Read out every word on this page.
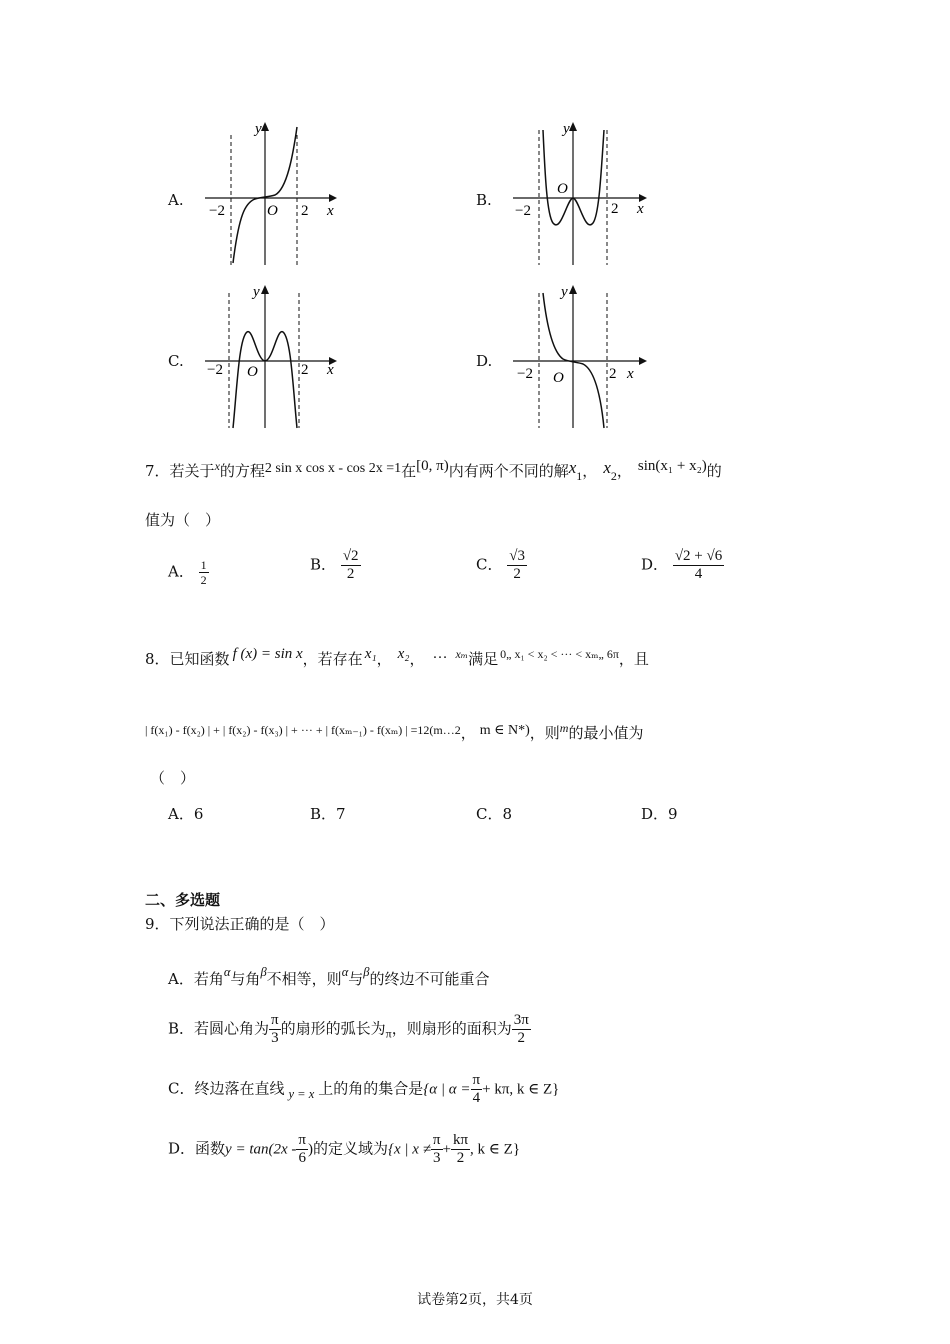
A.	B.
C.	D.
y
x
O
−2	2
y
x
O
−2	2
y
x
O
−2	2
y
x
O
−2	2
7．若关于$^x$的方程2 sin x cos x - cos 2x =1在[0, π)内有两个不同的解$x_1$， $x_2$， sin(x₁ + x₂)的
值为（　）
A． $\frac{1}{2}$	B． $\frac{√2}{2}$	C． $\frac{√3}{2}$	D． $\frac{√2 + √6}{4}$
8．已知函数 f (x) = sin x，若存在 x₁， x₂， … $^{x_m}$满足 $^{0„ x_1 < x_2 < \cdot\cdot\cdot < x_m„ 6\pi}$，且
$^{| f(x_1) - f(x_2) | + | f(x_2) - f(x_3) | + \cdot\cdot\cdot + | f(x_{m-1}) - f(x_m) | =12(m\dots 2}$， m ∈ N*)，则$^m$的最小值为
（　）
A．6	B．7	C．8	D．9
二、多选题
9．下列说法正确的是（　）
A．若角$^\alpha$与角$^\beta$不相等，则$^\alpha$与$^\beta$的终边不可能重合
B．若圆心角为 $\frac{\pi}{3}$ 的扇形的弧长为$_\pi$，则扇形的面积为 $\frac{3\pi}{2}$
C．终边落在直线 $_{y = x}$ 上的角的集合是{α | $\alpha = \frac{\pi}{4} + k\pi$, k ∈ Z}
D．函数$y = \tan(2x - \frac{\pi}{6}$ )的定义域为{x | $x \ne \frac{\pi}{3} + \frac{k\pi}{2}$ , k ∈ Z}
试卷第2页，共4页
